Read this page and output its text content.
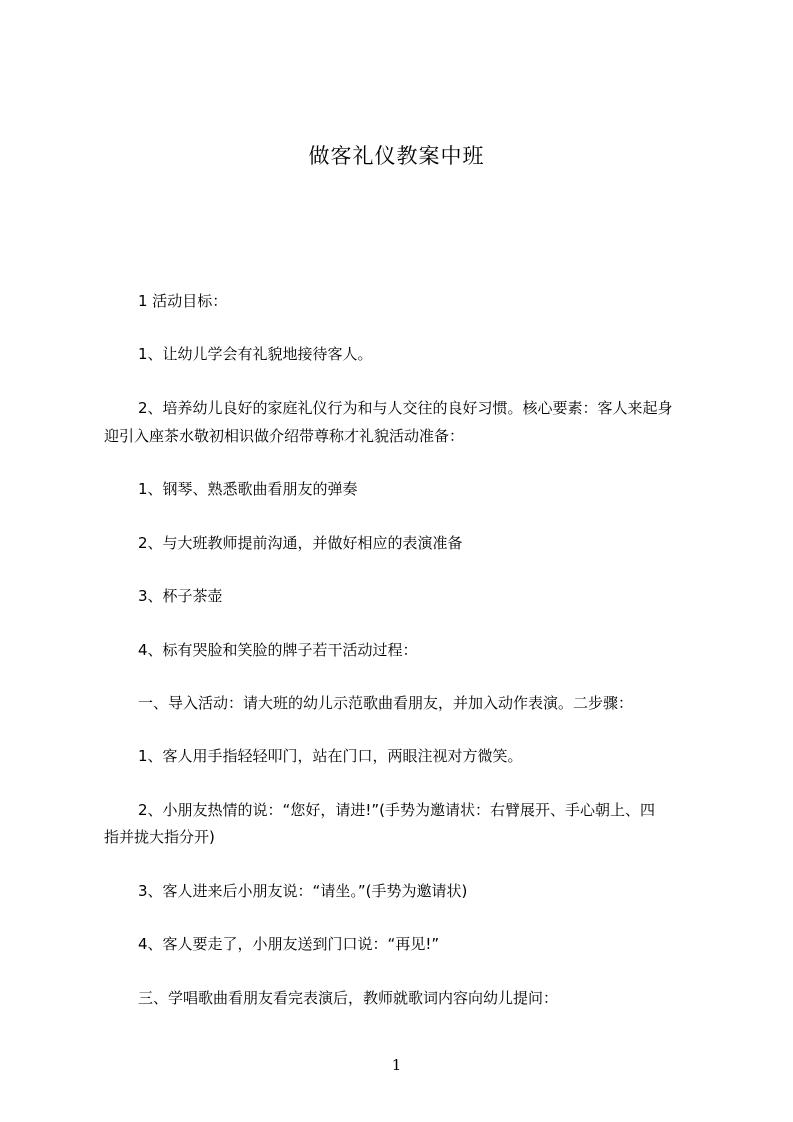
做客礼仪教案中班
1 活动目标：
1、让幼儿学会有礼貌地接待客人。
2、培养幼儿良好的家庭礼仪行为和与人交往的良好习惯。核心要素：客人来起身
迎引入座茶水敬初相识做介绍带尊称才礼貌活动准备：
1、钢琴、熟悉歌曲看朋友的弹奏
2、与大班教师提前沟通，并做好相应的表演准备
3、杯子茶壶
4、标有哭脸和笑脸的牌子若干活动过程：
一、导入活动：请大班的幼儿示范歌曲看朋友，并加入动作表演。二步骤：
1、客人用手指轻轻叩门，站在门口，两眼注视对方微笑。
2、小朋友热情的说：“您好，请进!”(手势为邀请状：右臂展开、手心朝上、四
指并拢大指分开)
3、客人进来后小朋友说：“请坐。”(手势为邀请状)
4、客人要走了，小朋友送到门口说：“再见!”
三、学唱歌曲看朋友看完表演后，教师就歌词内容向幼儿提问：
1
